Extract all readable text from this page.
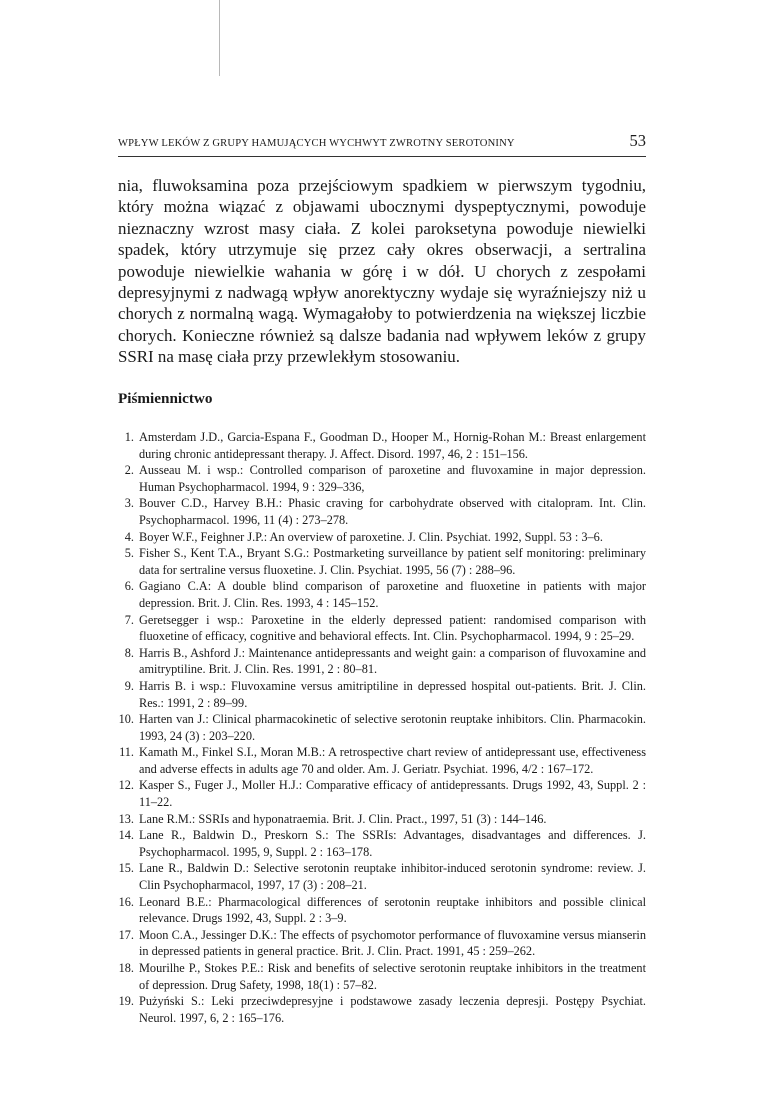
WPŁYW LEKÓW Z GRUPY HAMUJĄCYCH WYCHWYT ZWROTNY SEROTONINY	53

nia, fluwoksamina poza przejściowym spadkiem w pierwszym tygodniu, który można wiązać z objawami ubocznymi dyspeptycznymi, powoduje nieznaczny wzrost masy ciała. Z kolei paroksetyna powoduje niewielki spadek, który utrzymuje się przez cały okres obserwacji, a sertralina powoduje niewielkie wahania w górę i w dół. U chorych z zespołami depresyjnymi z nadwagą wpływ anorektyczny wydaje się wyraźniejszy niż u chorych z normalną wagą. Wymagałoby to potwierdzenia na większej liczbie chorych. Konieczne również są dalsze badania nad wpływem leków z grupy SSRI na masę ciała przy przewlekłym stosowaniu.

Piśmiennictwo
1. Amsterdam J.D., Garcia-Espana F., Goodman D., Hooper M., Hornig-Rohan M.: Breast enlargement during chronic antidepressant therapy. J. Affect. Disord. 1997, 46, 2 : 151–156.
2. Ausseau M. i wsp.: Controlled comparison of paroxetine and fluvoxamine in major depression. Human Psychopharmacol. 1994, 9 : 329–336,
3. Bouver C.D., Harvey B.H.: Phasic craving for carbohydrate observed with citalopram. Int. Clin. Psychopharmacol. 1996, 11 (4) : 273–278.
4. Boyer W.F., Feighner J.P.: An overview of paroxetine. J. Clin. Psychiat. 1992, Suppl. 53 : 3–6.
5. Fisher S., Kent T.A., Bryant S.G.: Postmarketing surveillance by patient self monitoring: preliminary data for sertraline versus fluoxetine. J. Clin. Psychiat. 1995, 56 (7) : 288–96.
6. Gagiano C.A: A double blind comparison of paroxetine and fluoxetine in patients with major depression. Brit. J. Clin. Res. 1993, 4 : 145–152.
7. Geretsegger i wsp.: Paroxetine in the elderly depressed patient: randomised comparison with fluoxetine of efficacy, cognitive and behavioral effects. Int. Clin. Psychopharmacol. 1994, 9 : 25–29.
8. Harris B., Ashford J.: Maintenance antidepressants and weight gain: a comparison of fluvoxamine and amitryptiline. Brit. J. Clin. Res. 1991, 2 : 80–81.
9. Harris B. i wsp.: Fluvoxamine versus amitriptiline in depressed hospital out-patients. Brit. J. Clin. Res.: 1991, 2 : 89–99.
10. Harten van J.: Clinical pharmacokinetic of selective serotonin reuptake inhibitors. Clin. Pharmacokin. 1993, 24 (3) : 203–220.
11. Kamath M., Finkel S.I., Moran M.B.: A retrospective chart review of antidepressant use, effectiveness and adverse effects in adults age 70 and older. Am. J. Geriatr. Psychiat. 1996, 4/2 : 167–172.
12. Kasper S., Fuger J., Moller H.J.: Comparative efficacy of antidepressants. Drugs 1992, 43, Suppl. 2 : 11–22.
13. Lane R.M.: SSRIs and hyponatraemia. Brit. J. Clin. Pract., 1997, 51 (3) : 144–146.
14. Lane R., Baldwin D., Preskorn S.: The SSRIs: Advantages, disadvantages and differences. J. Psychopharmacol. 1995, 9, Suppl. 2 : 163–178.
15. Lane R., Baldwin D.: Selective serotonin reuptake inhibitor-induced serotonin syndrome: review. J. Clin Psychopharmacol, 1997, 17 (3) : 208–21.
16. Leonard B.E.: Pharmacological differences of serotonin reuptake inhibitors and possible clinical relevance. Drugs 1992, 43, Suppl. 2 : 3–9.
17. Moon C.A., Jessinger D.K.: The effects of psychomotor performance of fluvoxamine versus mianserin in depressed patients in general practice. Brit. J. Clin. Pract. 1991, 45 : 259–262.
18. Mourilhe P., Stokes P.E.: Risk and benefits of selective serotonin reuptake inhibitors in the treatment of depression. Drug Safety, 1998, 18(1) : 57–82.
19. Pużyński S.: Leki przeciwdepresyjne i podstawowe zasady leczenia depresji. Postępy Psychiat. Neurol. 1997, 6, 2 : 165–176.
